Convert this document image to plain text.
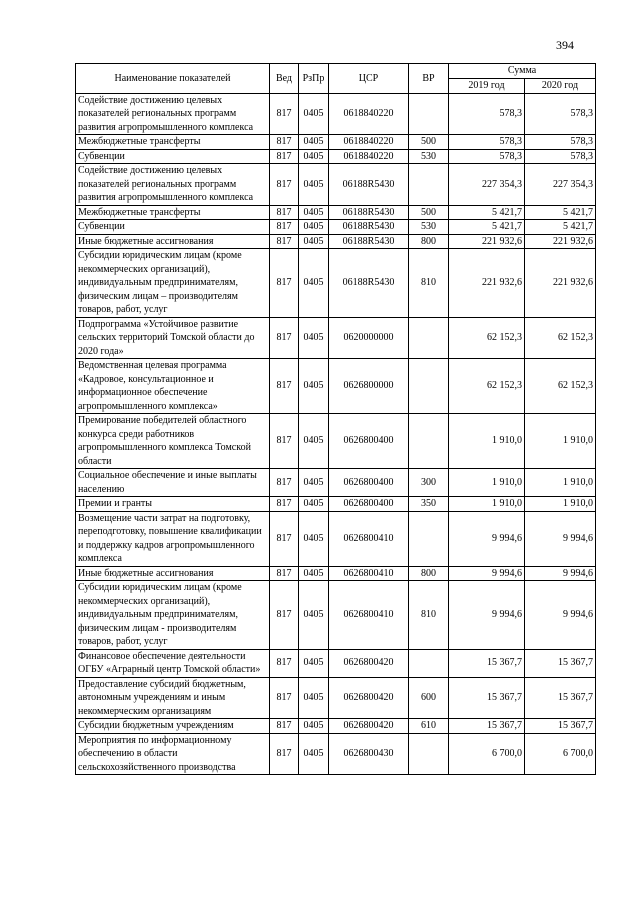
394
Наименование показателей	Вед	РзПр	ЦСР	ВР	Сумма	
					2019 год	2020 год
Содействие достижению целевых показателей региональных программ развития агропромышленного комплекса	817	0405	0618840220		578,3	578,3
Межбюджетные трансферты	817	0405	0618840220	500	578,3	578,3
Субвенции	817	0405	0618840220	530	578,3	578,3
Содействие достижению целевых показателей региональных программ развития агропромышленного комплекса	817	0405	06188R5430		227 354,3	227 354,3
Межбюджетные трансферты	817	0405	06188R5430	500	5 421,7	5 421,7
Субвенции	817	0405	06188R5430	530	5 421,7	5 421,7
Иные бюджетные ассигнования	817	0405	06188R5430	800	221 932,6	221 932,6
Субсидии юридическим лицам (кроме некоммерческих организаций), индивидуальным предпринимателям, физическим лицам – производителям товаров, работ, услуг	817	0405	06188R5430	810	221 932,6	221 932,6
Подпрограмма «Устойчивое развитие сельских территорий Томской области до 2020 года»	817	0405	0620000000		62 152,3	62 152,3
Ведомственная целевая программа «Кадровое, консультационное и информационное обеспечение агропромышленного комплекса»	817	0405	0626800000		62 152,3	62 152,3
Премирование победителей областного конкурса среди работников агропромышленного комплекса Томской области	817	0405	0626800400		1 910,0	1 910,0
Социальное обеспечение и иные выплаты населению	817	0405	0626800400	300	1 910,0	1 910,0
Премии и гранты	817	0405	0626800400	350	1 910,0	1 910,0
Возмещение части затрат на подготовку, переподготовку, повышение квалификации и поддержку кадров агропромышленного комплекса	817	0405	0626800410		9 994,6	9 994,6
Иные бюджетные ассигнования	817	0405	0626800410	800	9 994,6	9 994,6
Субсидии юридическим лицам (кроме некоммерческих организаций), индивидуальным предпринимателям, физическим лицам - производителям товаров, работ, услуг	817	0405	0626800410	810	9 994,6	9 994,6
Финансовое обеспечение деятельности ОГБУ «Аграрный центр Томской области»	817	0405	0626800420		15 367,7	15 367,7
Предоставление субсидий бюджетным, автономным учреждениям и иным некоммерческим организациям	817	0405	0626800420	600	15 367,7	15 367,7
Субсидии бюджетным учреждениям	817	0405	0626800420	610	15 367,7	15 367,7
Мероприятия по информационному обеспечению в области сельскохозяйственного производства	817	0405	0626800430		6 700,0	6 700,0
